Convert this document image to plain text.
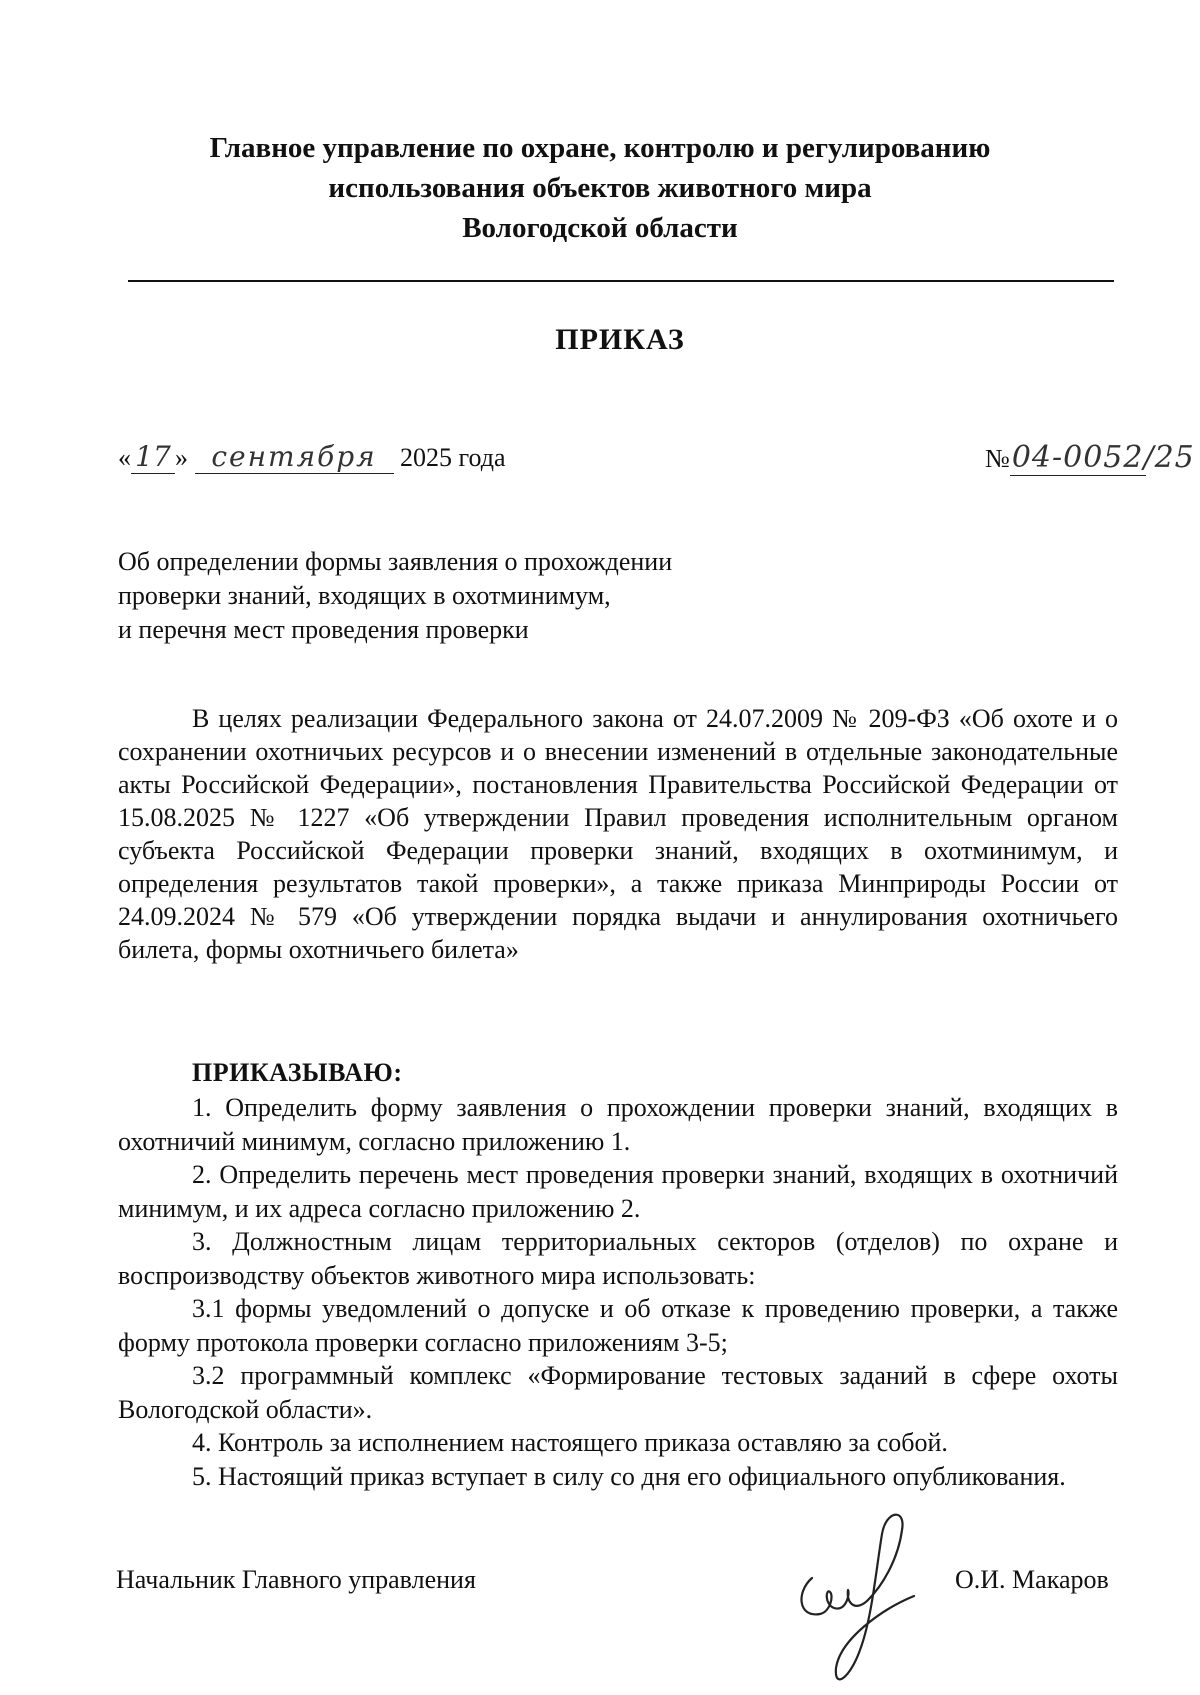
Главное управление по охране, контролю и регулированию
использования объектов животного мира
Вологодской области
ПРИКАЗ
« 17 » сентября 2025 года	№04-0052/25
Об определении формы заявления о прохождении
проверки знаний, входящих в охотминимум,
и перечня мест проведения проверки

В целях реализации Федерального закона от 24.07.2009 № 209-ФЗ «Об охоте и о сохранении охотничьих ресурсов и о внесении изменений в отдельные законодательные акты Российской Федерации», постановления Правительства Российской Федерации от 15.08.2025 № 1227 «Об утверждении Правил проведения исполнительным органом субъекта Российской Федерации проверки знаний, входящих в охотминимум, и определения результатов такой проверки», а также приказа Минприроды России от 24.09.2024 № 579 «Об утверждении порядка выдачи и аннулирования охотничьего билета, формы охотничьего билета»

ПРИКАЗЫВАЮ:

1. Определить форму заявления о прохождении проверки знаний, входящих в охотничий минимум, согласно приложению 1.

2. Определить перечень мест проведения проверки знаний, входящих в охотничий минимум, и их адреса согласно приложению 2.

3. Должностным лицам территориальных секторов (отделов) по охране и воспроизводству объектов животного мира использовать:

3.1 формы уведомлений о допуске и об отказе к проведению проверки, а также форму протокола проверки согласно приложениям 3-5;

3.2 программный комплекс «Формирование тестовых заданий в сфере охоты Вологодской области».

4. Контроль за исполнением настоящего приказа оставляю за собой.

5. Настоящий приказ вступает в силу со дня его официального опубликования.

Начальник Главного управления	О.И. Макаров
